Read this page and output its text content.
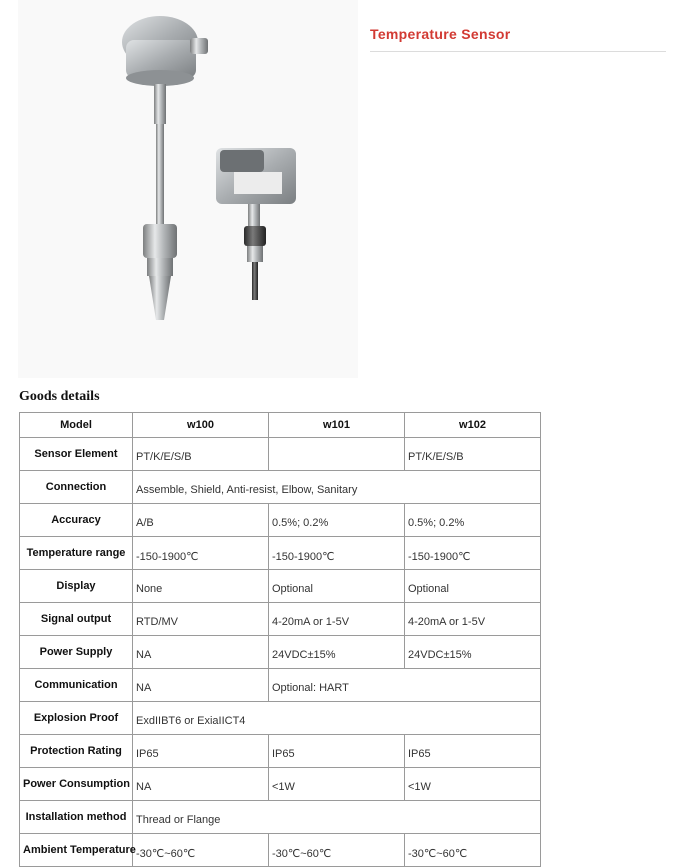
Temperature Sensor
Goods details
Model	w100	w101	w102
Sensor Element	PT/K/E/S/B		PT/K/E/S/B
Connection	Assemble, Shield, Anti-resist, Elbow, Sanitary		
Accuracy	A/B	0.5%; 0.2%	0.5%; 0.2%
Temperature range	-150-1900℃	-150-1900℃	-150-1900℃
Display	None	Optional	Optional
Signal output	RTD/MV	4-20mA or 1-5V	4-20mA or 1-5V
Power Supply	NA	24VDC±15%	24VDC±15%
Communication	NA	Optional: HART	
Explosion Proof	ExdIIBT6 or ExiaIICT4		
Protection Rating	IP65	IP65	IP65
Power Consumption	NA	<1W	<1W
Installation method	Thread or Flange		
Ambient Temperature	-30℃~60℃	-30℃~60℃	-30℃~60℃
